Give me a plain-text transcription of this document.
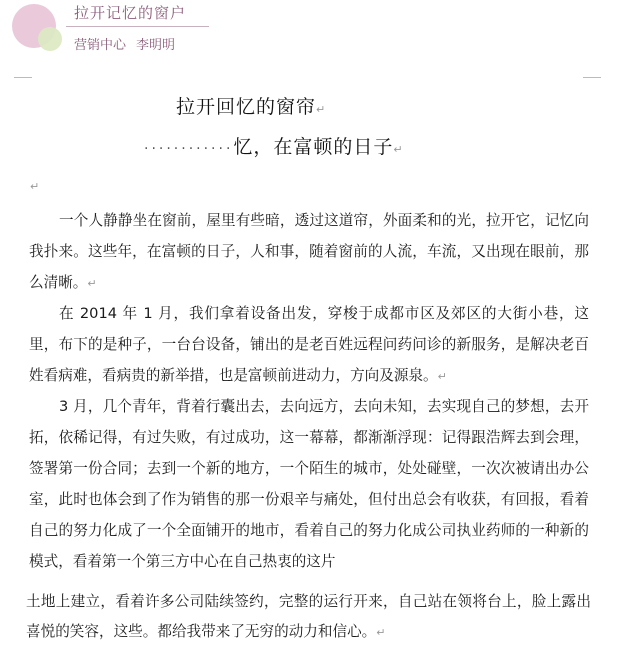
拉开记忆的窗户
营销中心 李明明
拉开回忆的窗帘↵
············忆，在富顿的日子↵
↵

一个人静静坐在窗前，屋里有些暗，透过这道帘，外面柔和的光，拉开它，记忆向我扑来。这些年，在富顿的日子，人和事，随着窗前的人流，车流，又出现在眼前，那么清晰。↵

在 2014 年 1 月，我们拿着设备出发，穿梭于成都市区及郊区的大街小巷，这里，布下的是种子，一台台设备，铺出的是老百姓远程问药问诊的新服务，是解决老百姓看病难，看病贵的新举措，也是富顿前进动力，方向及源泉。↵

3 月，几个青年，背着行囊出去，去向远方，去向未知，去实现自己的梦想，去开拓，依稀记得，有过失败，有过成功，这一幕幕，都渐渐浮现：记得跟浩辉去到会理，签署第一份合同；去到一个新的地方，一个陌生的城市，处处碰壁，一次次被请出办公室，此时也体会到了作为销售的那一份艰辛与痛处，但付出总会有收获，有回报，看着自己的努力化成了一个全面铺开的地市，看着自己的努力化成公司执业药师的一种新的模式，看着第一个第三方中心在自己热衷的这片

土地上建立，看着许多公司陆续签约，完整的运行开来，自己站在领将台上，脸上露出喜悦的笑容，这些。都给我带来了无穷的动力和信心。↵
